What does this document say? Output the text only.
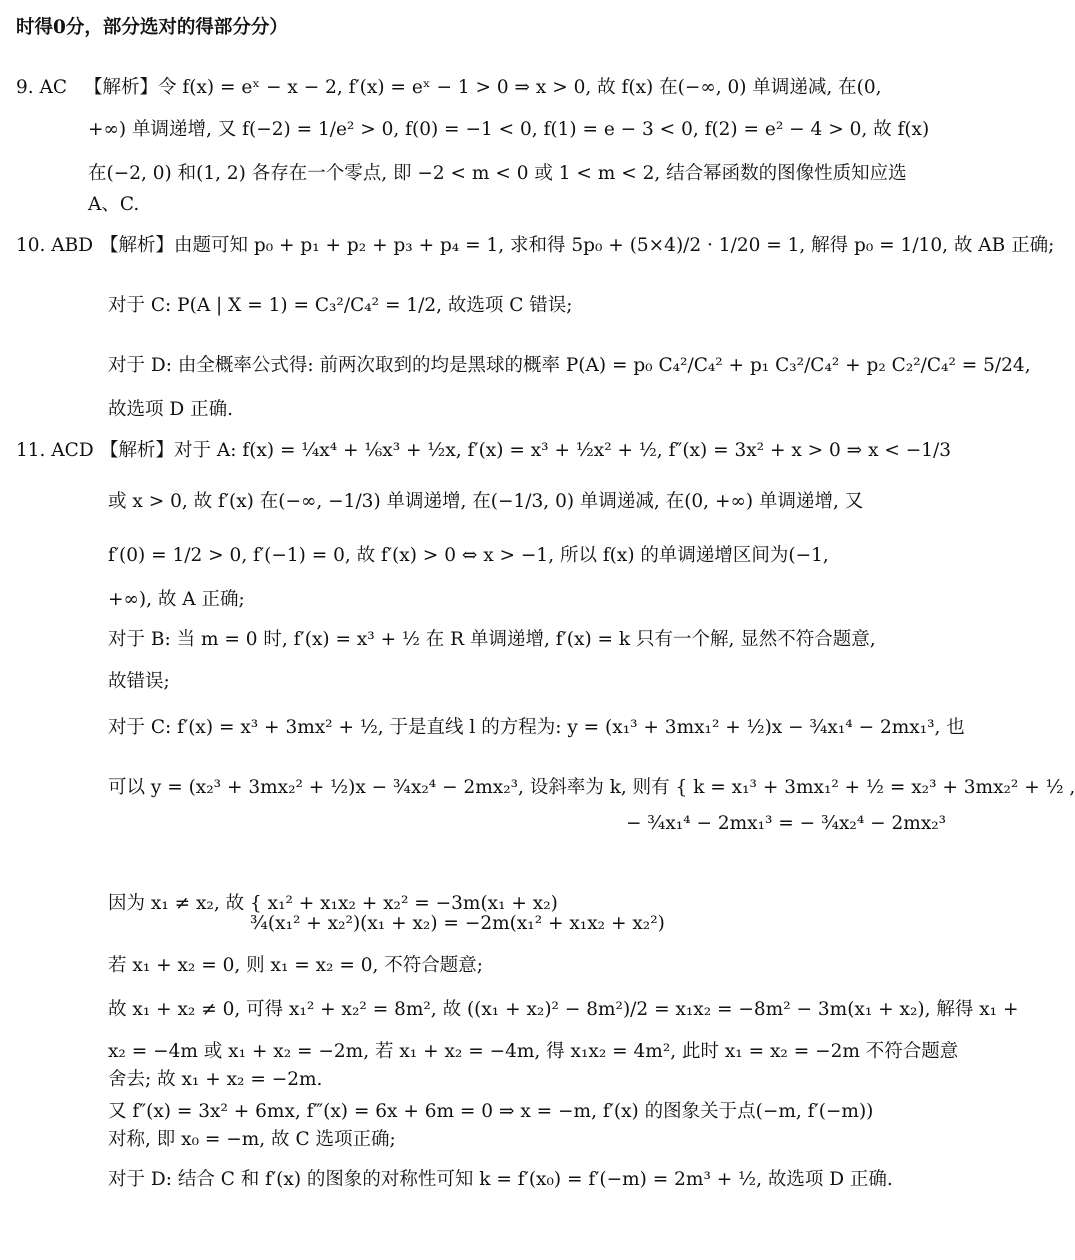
时得0分，部分选对的得部分分）
9. AC 【解析】令 f(x) = eˣ − x − 2, f′(x) = eˣ − 1 > 0 ⇒ x > 0, 故 f(x) 在(−∞, 0) 单调递减, 在(0,
+∞) 单调递增, 又 f(−2) = 1/e² > 0, f(0) = −1 < 0, f(1) = e − 3 < 0, f(2) = e² − 4 > 0, 故 f(x)
在(−2, 0) 和(1, 2) 各存在一个零点, 即 −2 < m < 0 或 1 < m < 2, 结合幂函数的图像性质知应选
A、C.
10. ABD 【解析】由题可知 p₀ + p₁ + p₂ + p₃ + p₄ = 1, 求和得 5p₀ + (5×4)/2 · 1/20 = 1, 解得 p₀ = 1/10, 故 AB 正确;
对于 C: P(A | X = 1) = C₃²/C₄² = 1/2, 故选项 C 错误;
对于 D: 由全概率公式得: 前两次取到的均是黑球的概率 P(A) = p₀ C₄²/C₄² + p₁ C₃²/C₄² + p₂ C₂²/C₄² = 5/24,
故选项 D 正确.
11. ACD 【解析】对于 A: f(x) = ¼x⁴ + ⅙x³ + ½x, f′(x) = x³ + ½x² + ½, f″(x) = 3x² + x > 0 ⇒ x < −1/3
或 x > 0, 故 f′(x) 在(−∞, −1/3) 单调递增, 在(−1/3, 0) 单调递减, 在(0, +∞) 单调递增, 又
f′(0) = 1/2 > 0, f′(−1) = 0, 故 f′(x) > 0 ⇔ x > −1, 所以 f(x) 的单调递增区间为(−1,
+∞), 故 A 正确;
对于 B: 当 m = 0 时, f′(x) = x³ + ½ 在 R 单调递增, f′(x) = k 只有一个解, 显然不符合题意,
故错误;
对于 C: f′(x) = x³ + 3mx² + ½, 于是直线 l 的方程为: y = (x₁³ + 3mx₁² + ½)x − ¾x₁⁴ − 2mx₁³, 也
可以 y = (x₂³ + 3mx₂² + ½)x − ¾x₂⁴ − 2mx₂³, 设斜率为 k, 则有 { k = x₁³ + 3mx₁² + ½ = x₂³ + 3mx₂² + ½ ,
− ¾x₁⁴ − 2mx₁³ = − ¾x₂⁴ − 2mx₂³
因为 x₁ ≠ x₂, 故 { x₁² + x₁x₂ + x₂² = −3m(x₁ + x₂)
¾(x₁² + x₂²)(x₁ + x₂) = −2m(x₁² + x₁x₂ + x₂²)
若 x₁ + x₂ = 0, 则 x₁ = x₂ = 0, 不符合题意;
故 x₁ + x₂ ≠ 0, 可得 x₁² + x₂² = 8m², 故 ((x₁ + x₂)² − 8m²)/2 = x₁x₂ = −8m² − 3m(x₁ + x₂), 解得 x₁ +
x₂ = −4m 或 x₁ + x₂ = −2m, 若 x₁ + x₂ = −4m, 得 x₁x₂ = 4m², 此时 x₁ = x₂ = −2m 不符合题意
舍去; 故 x₁ + x₂ = −2m.
又 f″(x) = 3x² + 6mx, f‴(x) = 6x + 6m = 0 ⇒ x = −m, f′(x) 的图象关于点(−m, f′(−m))
对称, 即 x₀ = −m, 故 C 选项正确;
对于 D: 结合 C 和 f′(x) 的图象的对称性可知 k = f′(x₀) = f′(−m) = 2m³ + ½, 故选项 D 正确.
